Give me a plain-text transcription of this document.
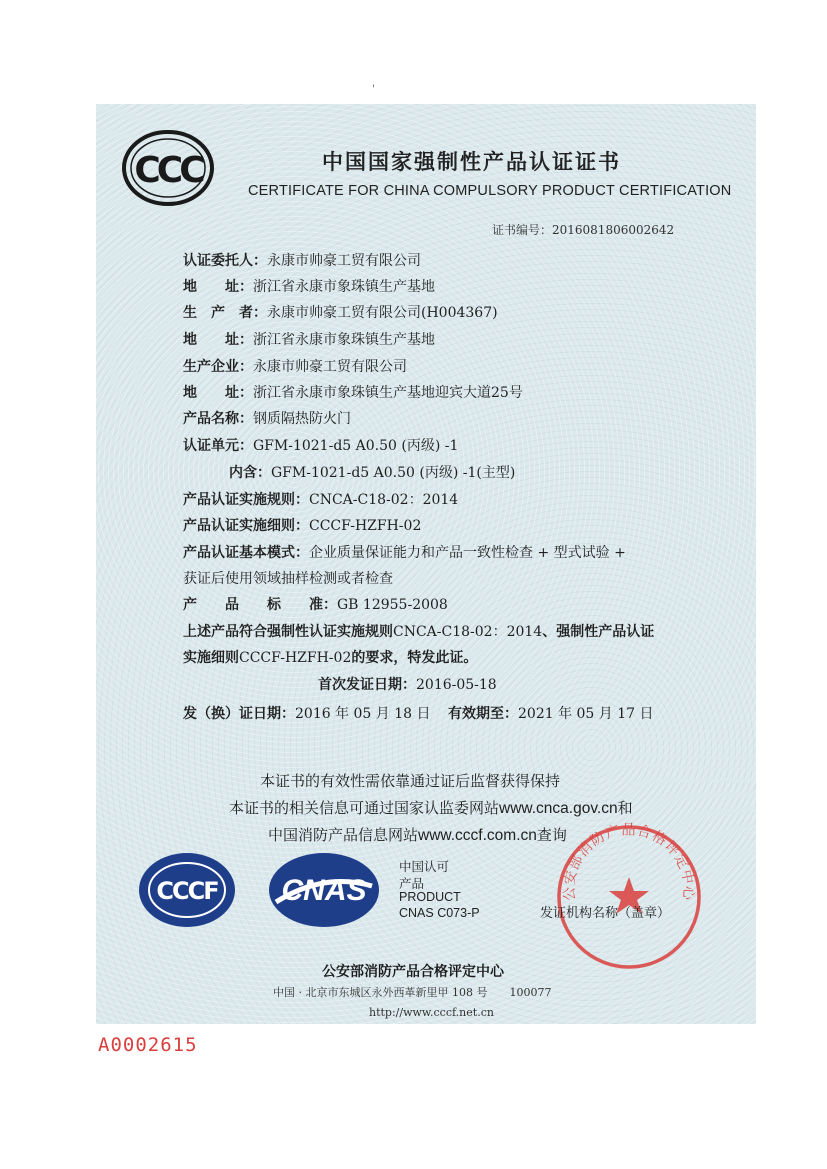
'
CCC	中国国家强制性产品认证证书
CERTIFICATE FOR CHINA COMPULSORY PRODUCT CERTIFICATION
证书编号：2016081806002642
认证委托人：永康市帅豪工贸有限公司
地　　址：浙江省永康市象珠镇生产基地
生　产　者：永康市帅豪工贸有限公司(H004367)
地　　址：浙江省永康市象珠镇生产基地
生产企业：永康市帅豪工贸有限公司
地　　址：浙江省永康市象珠镇生产基地迎宾大道25号
产品名称：钢质隔热防火门
认证单元：GFM-1021-d5 A0.50 (丙级) -1
内含：GFM-1021-d5 A0.50 (丙级) -1(主型)
产品认证实施规则：CNCA-C18-02：2014
产品认证实施细则：CCCF-HZFH-02
产品认证基本模式：企业质量保证能力和产品一致性检查 + 型式试验 +
获证后使用领域抽样检测或者检查
产　　品　　标　　准：GB 12955-2008
上述产品符合强制性认证实施规则CNCA-C18-02：2014、强制性产品认证
实施细则CCCF-HZFH-02的要求，特发此证。
首次发证日期：2016-05-18
发（换）证日期：2016 年 05 月 18 日 有效期至：2021 年 05 月 17 日
本证书的有效性需依靠通过证后监督获得保持
本证书的相关信息可通过国家认监委网站www.cnca.gov.cn和
中国消防产品信息网站www.cccf.com.cn查询
CCCF CNAS
中国认可
产品
PRODUCT
CNAS C073-P
公安部消防产品合格评定中心
发证机构名称（盖章）
公安部消防产品合格评定中心
中国 · 北京市东城区永外西革新里甲 108 号　　100077
http://www.cccf.net.cn
A0002615
